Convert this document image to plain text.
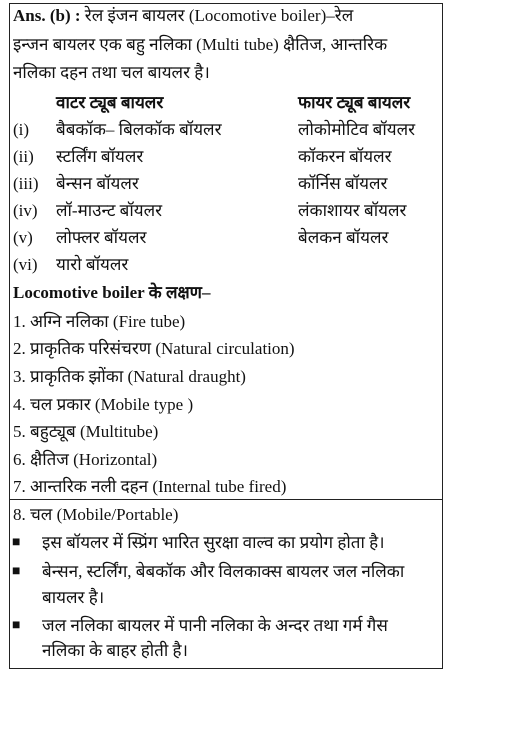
Ans. (b) : रेल इंजन बायलर (Locomotive boiler)–रेल
इन्जन बायलर एक बहु नलिका (Multi tube) क्षैतिज, आन्तरिक
नलिका दहन तथा चल बायलर है।
वाटर ट्यूब बायलर	फायर ट्यूब बायलर
(i) बैबकॉक– बिलकॉक बॉयलर	लोकोमोटिव बॉयलर
(ii) स्टर्लिंग बॉयलर	कॉकरन बॉयलर
(iii) बेन्सन बॉयलर	कॉर्निस बॉयलर
(iv) लॉ-माउन्ट बॉयलर	लंकाशायर बॉयलर
(v) लोफ्लर बॉयलर	बेलकन बॉयलर
(vi) यारो बॉयलर
Locomotive boiler के लक्षण–
1. अग्नि नलिका (Fire tube)
2. प्राकृतिक परिसंचरण (Natural circulation)
3. प्राकृतिक झोंका (Natural draught)
4. चल प्रकार (Mobile type )
5. बहुट्यूब (Multitube)
6. क्षैतिज (Horizontal)
7. आन्तरिक नली दहन (Internal tube fired)
8. चल (Mobile/Portable)
■ इस बॉयलर में स्प्रिंग भारित सुरक्षा वाल्व का प्रयोग होता है।
■ बेन्सन, स्टर्लिंग, बेबकॉक और विलकाक्स बायलर जल नलिका
बायलर है।
■ जल नलिका बायलर में पानी नलिका के अन्दर तथा गर्म गैस
नलिका के बाहर होती है।
